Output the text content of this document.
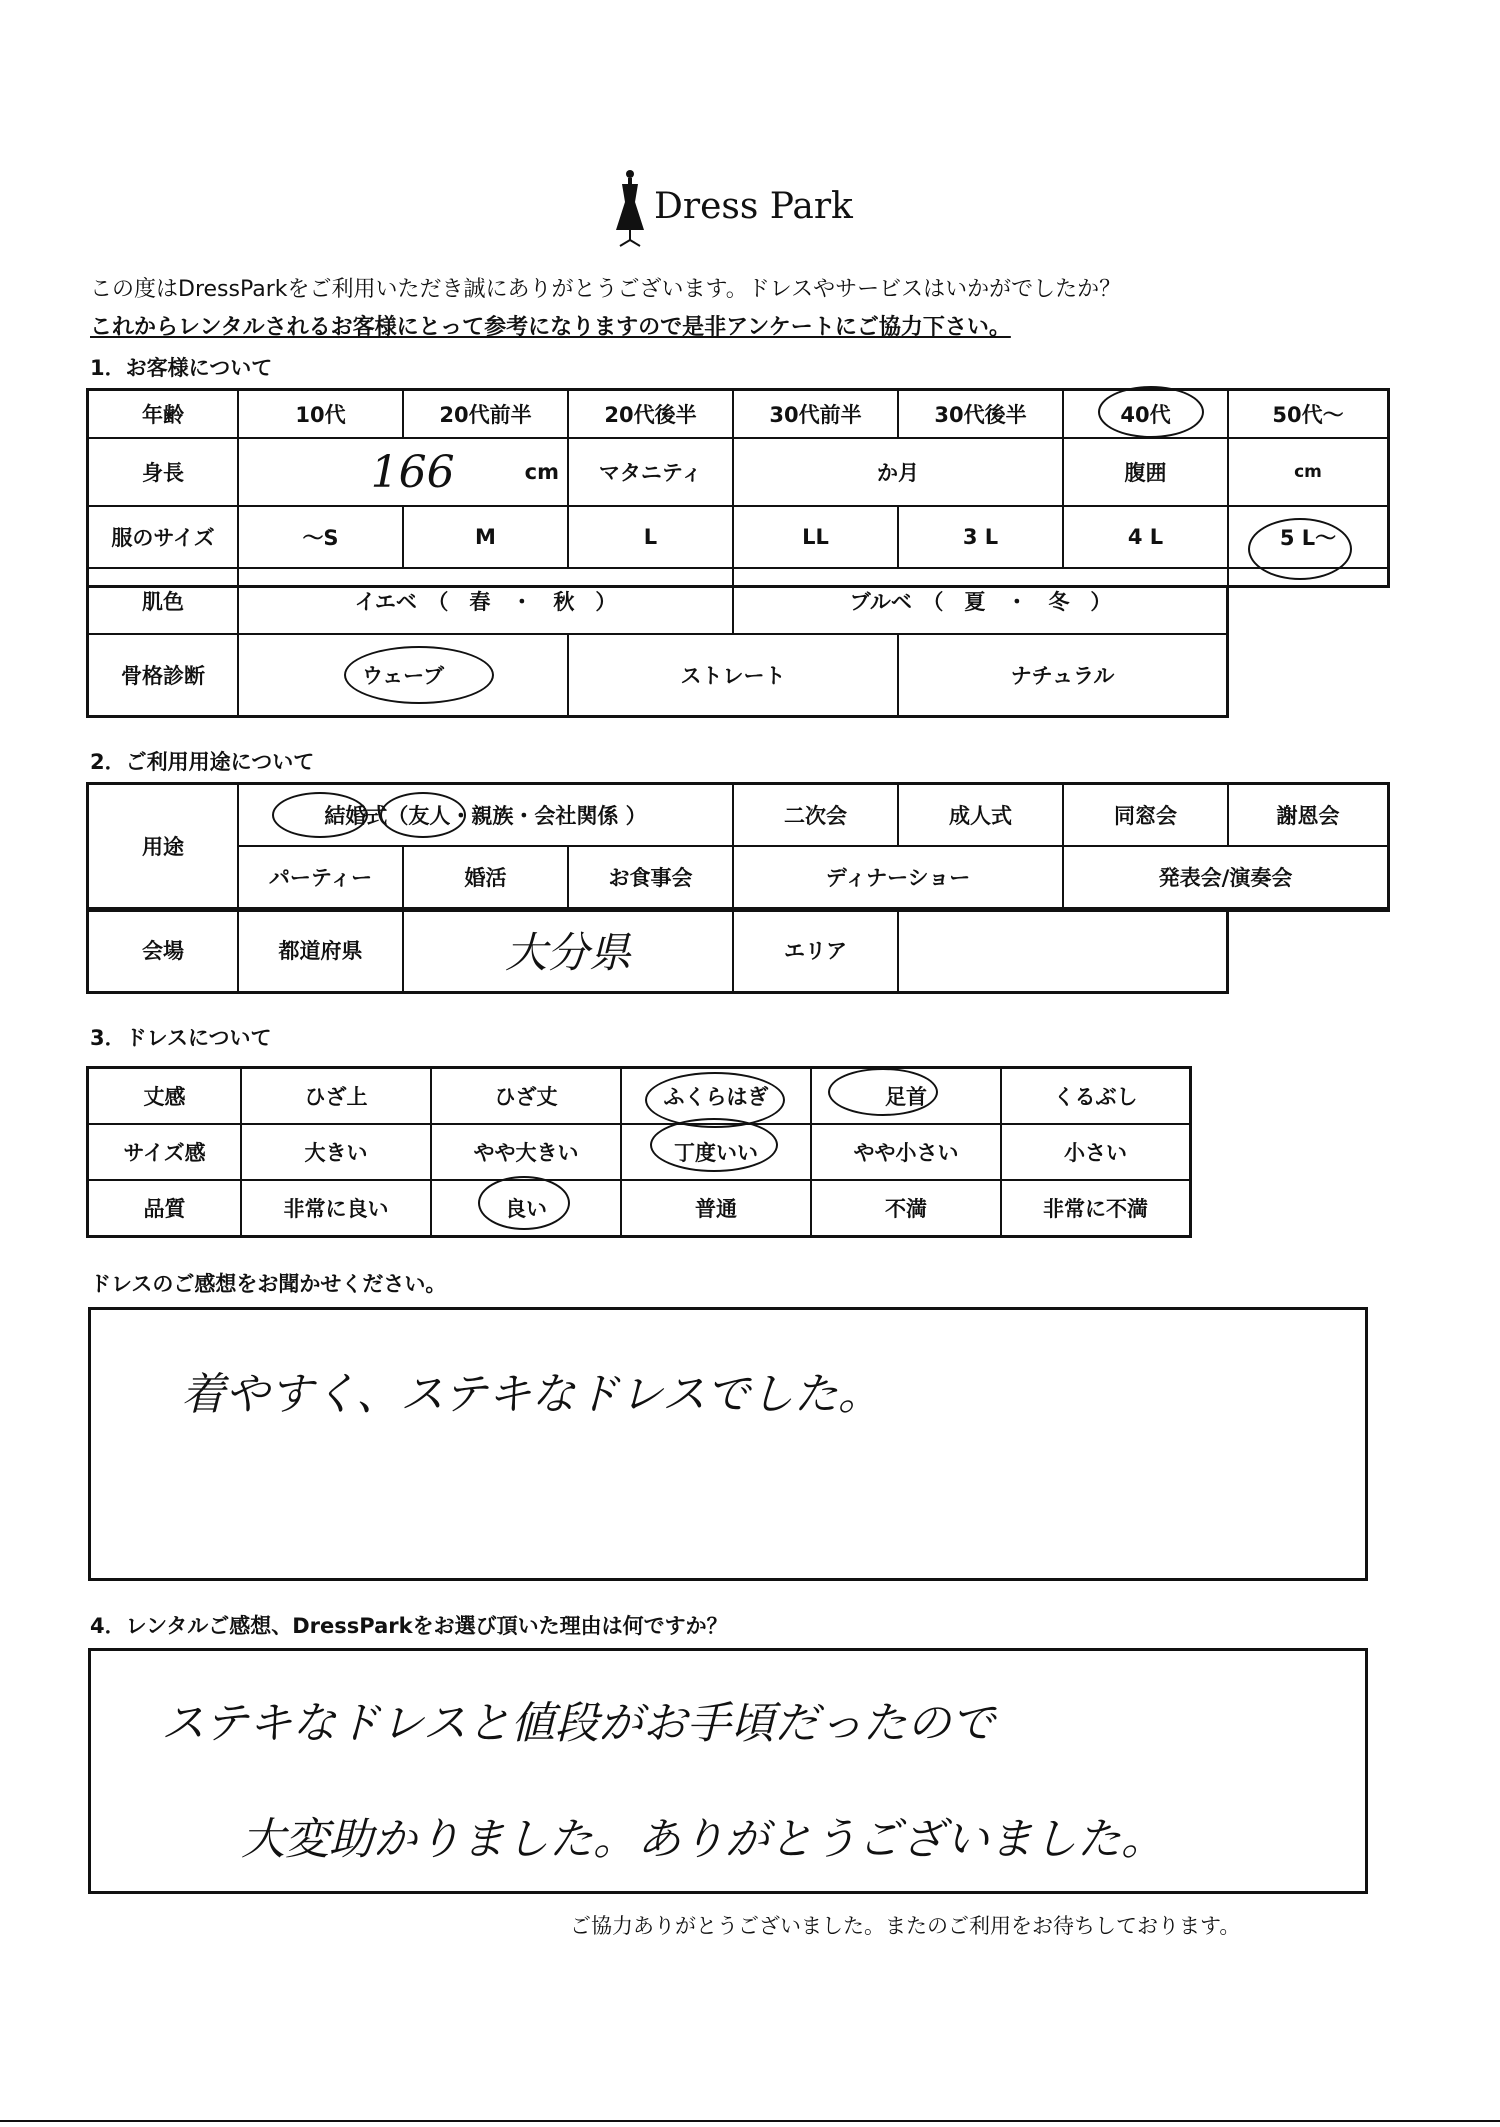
Dress Park
この度はDressParkをご利用いただき誠にありがとうございます。ドレスやサービスはいかがでしたか？
これからレンタルされるお客様にとって参考になりますので是非アンケートにご協力下さい。
1．お客様について
年齢	10代	20代前半	20代後半	30代前半	30代後半	40代	50代～
身長	166	cm	マタニティ	か月	腹囲	cm
服のサイズ	～S	M	L	LL	3 L	4 L	5 L～
肌色	イエベ　（　春　・　秋　）	ブルベ　（　夏　・　冬　）
骨格診断	ウェーブ	ストレート	ナチュラル
2．ご利用用途について
用途
結婚式（友人・親族・会社関係 ）	二次会	成人式	同窓会	謝恩会
パーティー	婚活	お食事会	ディナーショー	発表会/演奏会
会場	都道府県	大分県	エリア
3．ドレスについて
丈感	ひざ上	ひざ丈	ふくらはぎ	足首	くるぶし
サイズ感	大きい	やや大きい	丁度いい	やや小さい	小さい
品質	非常に良い	良い	普通	不満	非常に不満
ドレスのご感想をお聞かせください。
着やすく、ステキなドレスでした。
4．レンタルご感想、DressParkをお選び頂いた理由は何ですか？
ステキなドレスと値段がお手頃だったので
大変助かりました。ありがとうございました。
ご協力ありがとうございました。またのご利用をお待ちしております。
